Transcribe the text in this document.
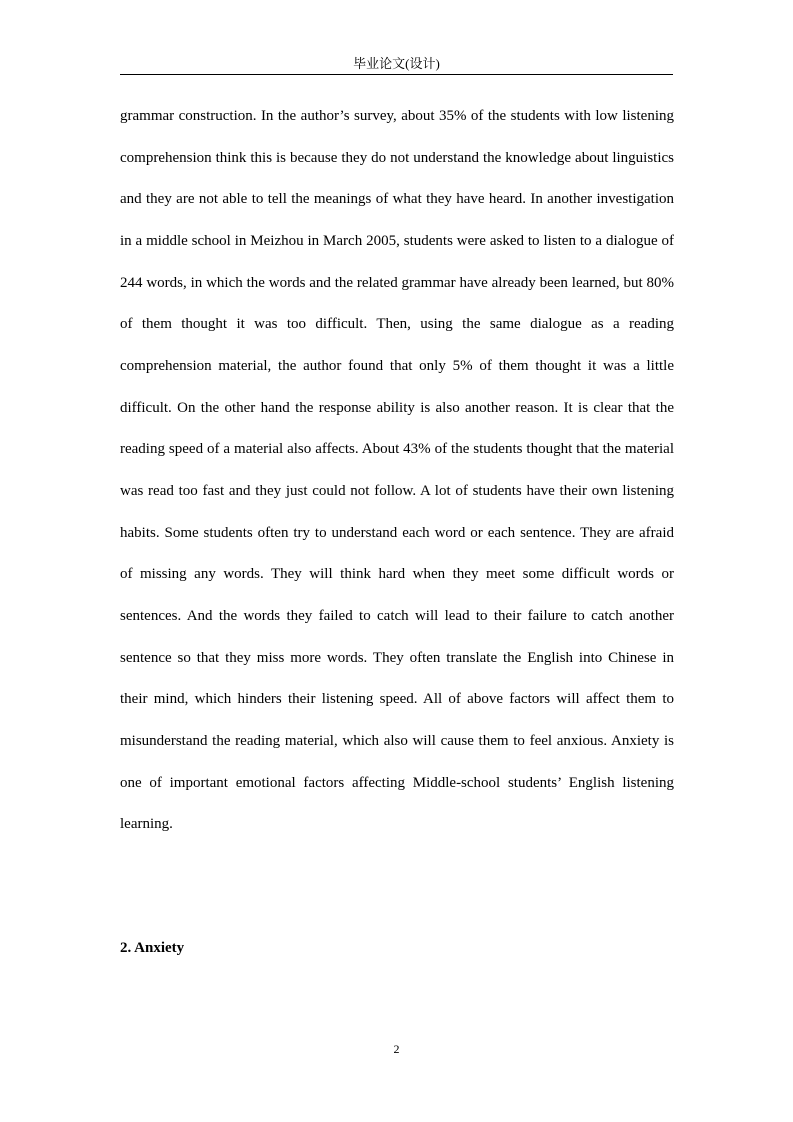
毕业论文(设计)

grammar construction. In the author’s survey, about 35% of the students with low listening comprehension think this is because they do not understand the knowledge about linguistics and they are not able to tell the meanings of what they have heard. In another investigation in a middle school in Meizhou in March 2005, students were asked to listen to a dialogue of 244 words, in which the words and the related grammar have already been learned, but 80% of them thought it was too difficult. Then, using the same dialogue as a reading comprehension material, the author found that only 5% of them thought it was a little difficult. On the other hand the response ability is also another reason. It is clear that the reading speed of a material also affects. About 43% of the students thought that the material was read too fast and they just could not follow. A lot of students have their own listening habits. Some students often try to understand each word or each sentence. They are afraid of missing any words. They will think hard when they meet some difficult words or sentences. And the words they failed to catch will lead to their failure to catch another sentence so that they miss more words. They often translate the English into Chinese in their mind, which hinders their listening speed. All of above factors will affect them to misunderstand the reading material, which also will cause them to feel anxious. Anxiety is one of important emotional factors affecting Middle-school students’ English listening learning.

2. Anxiety
2
